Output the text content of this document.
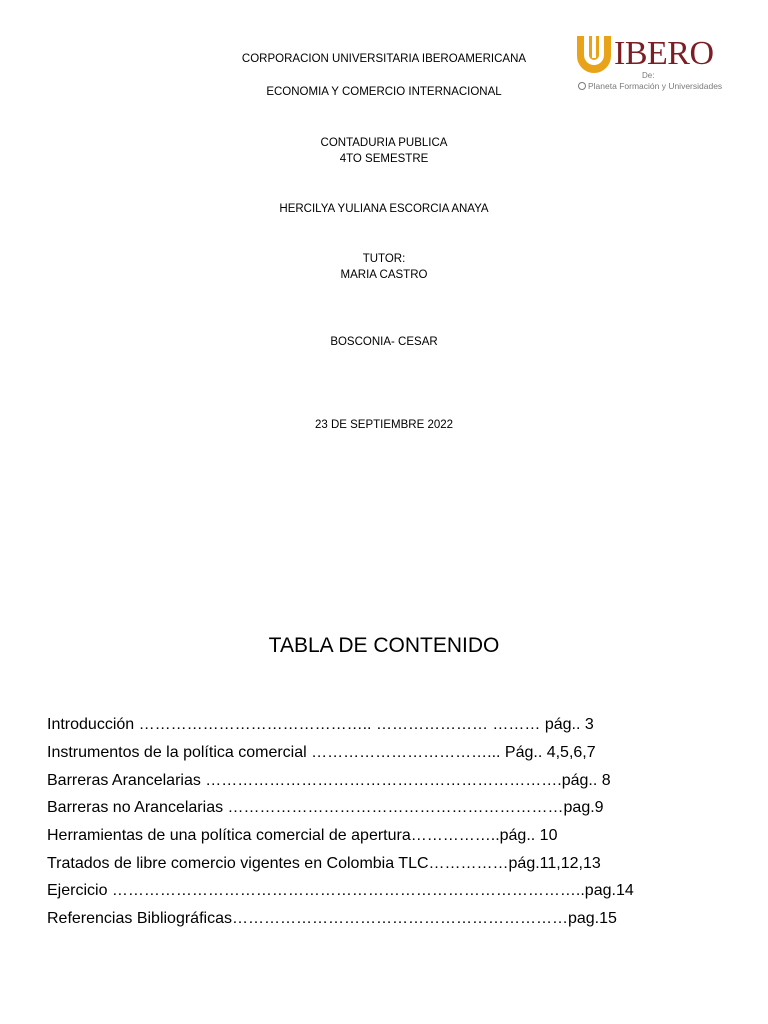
IBERO
De:
Planeta Formación y Universidades
CORPORACION UNIVERSITARIA IBEROAMERICANA
ECONOMIA Y COMERCIO INTERNACIONAL
CONTADURIA PUBLICA
4TO SEMESTRE
HERCILYA YULIANA ESCORCIA ANAYA
TUTOR:
MARIA CASTRO
BOSCONIA- CESAR
23 DE SEPTIEMBRE 2022
TABLA DE CONTENIDO
Introducción …………………………………….. ………………… ……… pág.. 3
Instrumentos de la política comercial ……………………………... Pág.. 4,5,6,7
Barreras Arancelarias ………………………………………………………….pág.. 8
Barreras no Arancelarias ………………………………………………………pag.9
Herramientas de una política comercial de apertura……………..pág.. 10
Tratados de libre comercio vigentes en Colombia TLC……………pág.11,12,13
Ejercicio ……………………………………………………………………………..pag.14
Referencias Bibliográficas………………………………………………………pag.15
